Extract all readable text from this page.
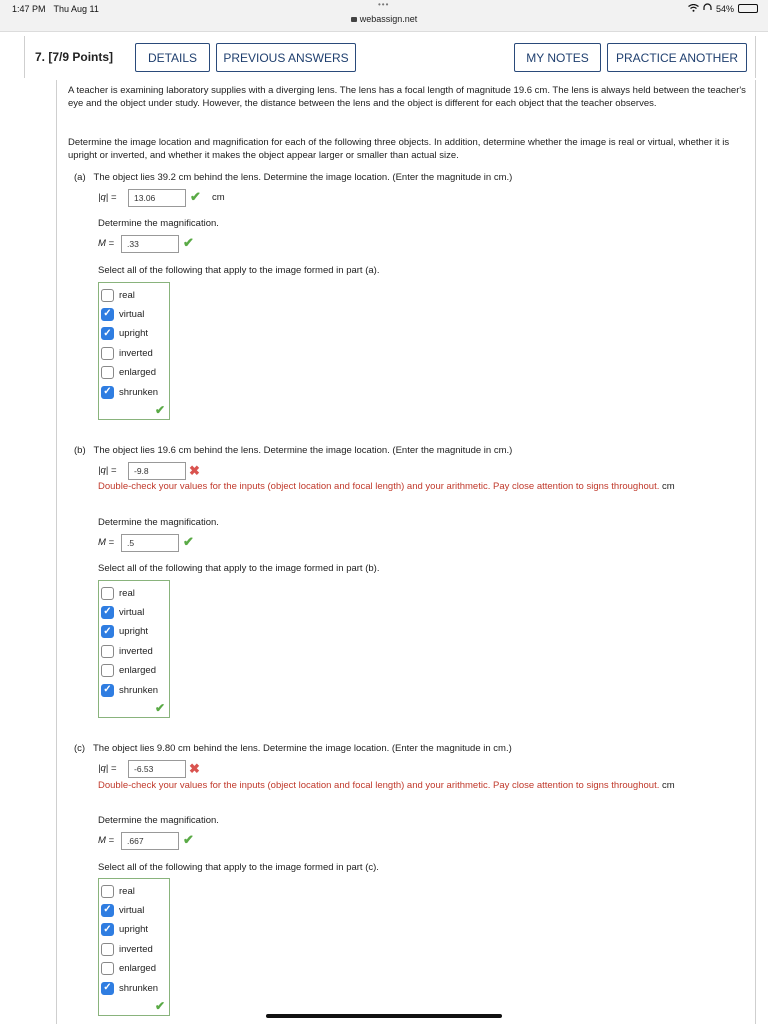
1:47 PM Thu Aug 11	•••
webassign.net
54%
7. [7/9 Points]	DETAILS	PREVIOUS ANSWERS	MY NOTES	PRACTICE ANOTHER
A teacher is examining laboratory supplies with a diverging lens. The lens has a focal length of magnitude 19.6 cm. The lens is always held between the teacher's eye and the object under study. However, the distance between the lens and the object is different for each object that the teacher observes.
Determine the image location and magnification for each of the following three objects. In addition, determine whether the image is real or virtual, whether it is upright or inverted, and whether it makes the object appear larger or smaller than actual size.
(a) The object lies 39.2 cm behind the lens. Determine the image location. (Enter the magnitude in cm.)
|q| =	13.06	✔ cm
Determine the magnification.
M =	.33	✔
Select all of the following that apply to the image formed in part (a).
✔
real
✓ virtual
✓ upright
inverted
enlarged
✓ shrunken
(b) The object lies 19.6 cm behind the lens. Determine the image location. (Enter the magnitude in cm.)
|q| =	-9.8	✖
Double-check your values for the inputs (object location and focal length) and your arithmetic. Pay close attention to signs throughout. cm
Determine the magnification.
M =	.5	✔
Select all of the following that apply to the image formed in part (b).
✔
real
✓ virtual
✓ upright
inverted
enlarged
✓ shrunken
(c) The object lies 9.80 cm behind the lens. Determine the image location. (Enter the magnitude in cm.)
|q| =	-6.53	✖
Double-check your values for the inputs (object location and focal length) and your arithmetic. Pay close attention to signs throughout. cm
Determine the magnification.
M =	.667	✔
Select all of the following that apply to the image formed in part (c).
✔
real
✓ virtual
✓ upright
inverted
enlarged
✓ shrunken
